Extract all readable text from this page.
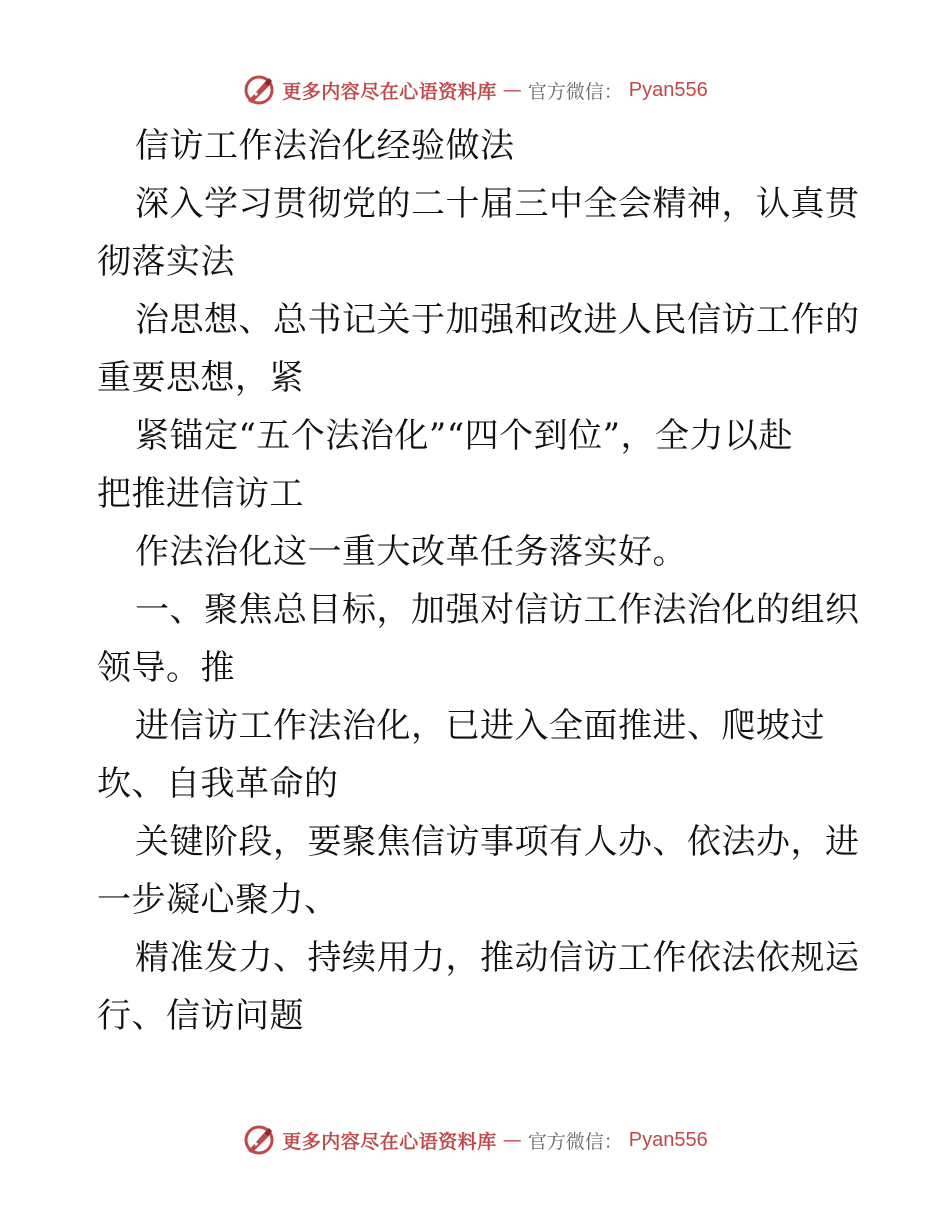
更多内容尽在心语资料库 — 官方微信： Pyan556
信访工作法治化经验做法
深入学习贯彻党的二十届三中全会精神，认真贯
彻落实法
治思想、总书记关于加强和改进人民信访工作的
重要思想，紧
紧锚定“五个法治化”“四个到位”，全力以赴
把推进信访工
作法治化这一重大改革任务落实好。
一、聚焦总目标，加强对信访工作法治化的组织
领导。推
进信访工作法治化，已进入全面推进、爬坡过
坎、自我革命的
关键阶段，要聚焦信访事项有人办、依法办，进
一步凝心聚力、
精准发力、持续用力，推动信访工作依法依规运
行、信访问题
更多内容尽在心语资料库 — 官方微信： Pyan556
